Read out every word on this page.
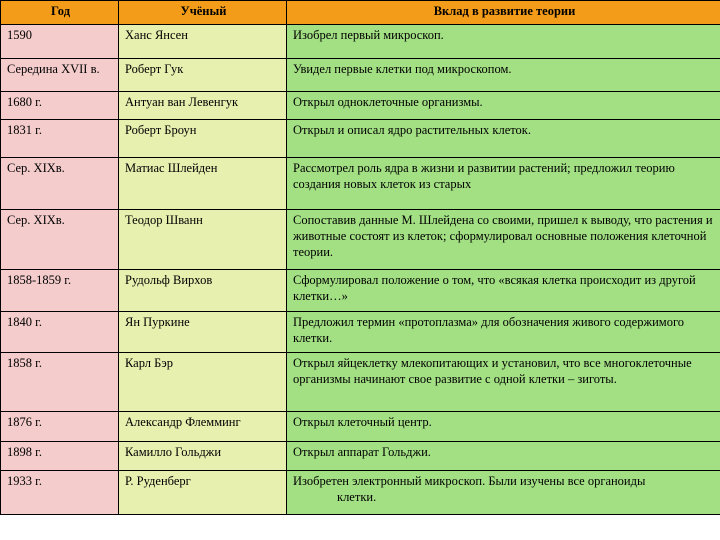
Год	Учёный	Вклад в развитие теории
1590	Ханс Янсен	Изобрел первый микроскоп.
Середина XVII в.	Роберт Гук	Увидел первые клетки под микроскопом.
1680 г.	Антуан ван Левенгук	Открыл одноклеточные организмы.
1831 г.	Роберт Броун	Открыл и описал ядро растительных клеток.
Сер. XIXв.	Матиас Шлейден	Рассмотрел роль ядра в жизни и развитии растений; предложил теорию создания новых клеток из старых
Сер. XIXв.	Теодор Шванн	Сопоставив данные М. Шлейдена со своими, пришел к выводу, что растения и животные состоят из клеток; сформулировал основные положения клеточной теории.
1858-1859 г.	Рудольф Вирхов	Сформулировал положение о том, что «всякая клетка происходит из другой клетки…»
1840 г.	Ян Пуркине	Предложил термин «протоплазма» для обозначения живого содержимого клетки.
1858 г.	Карл Бэр	Открыл яйцеклетку млекопитающих и установил, что все многоклеточные организмы начинают свое развитие с одной клетки – зиготы.
1876 г.	Александр Флемминг	Открыл клеточный центр.
1898 г.	Камилло Гольджи	Открыл аппарат Гольджи.
1933 г.	Р. Руденберг	Изобретен электронный микроскоп. Были изучены все органоиды
клетки.
